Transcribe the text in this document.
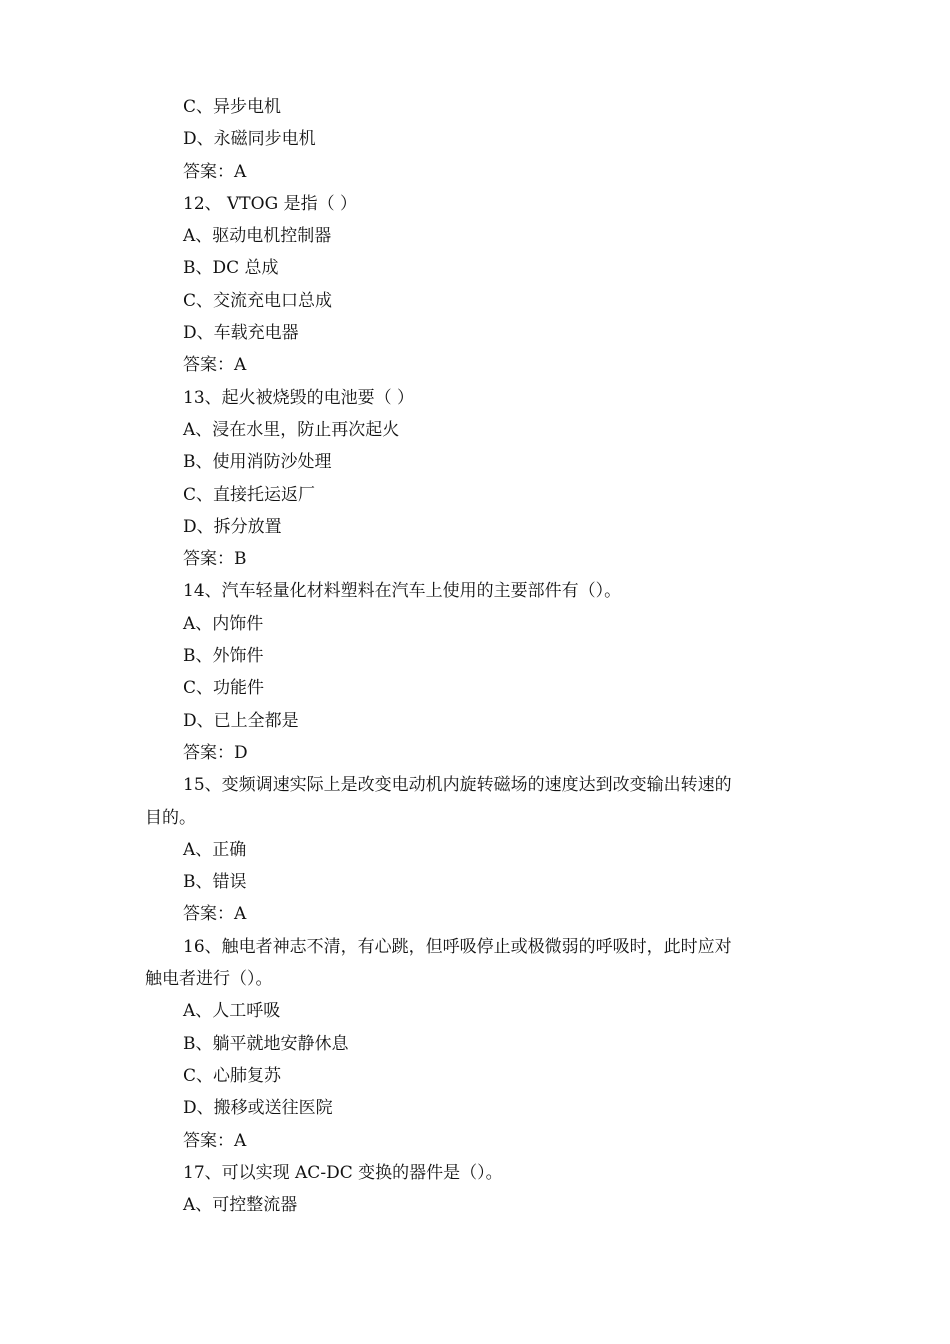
C、异步电机
D、永磁同步电机
答案：A
12、 VTOG 是指（ ）
A、驱动电机控制器
B、DC 总成
C、交流充电口总成
D、车载充电器
答案：A
13、起火被烧毁的电池要（ ）
A、浸在水里，防止再次起火
B、使用消防沙处理
C、直接托运返厂
D、拆分放置
答案：B
14、汽车轻量化材料塑料在汽车上使用的主要部件有（）。
A、内饰件
B、外饰件
C、功能件
D、已上全都是
答案：D
15、变频调速实际上是改变电动机内旋转磁场的速度达到改变输出转速的
目的。
A、正确
B、错误
答案：A
16、触电者神志不清，有心跳，但呼吸停止或极微弱的呼吸时，此时应对
触电者进行（）。
A、人工呼吸
B、躺平就地安静休息
C、心肺复苏
D、搬移或送往医院
答案：A
17、可以实现 AC-DC 变换的器件是（）。
A、可控整流器
